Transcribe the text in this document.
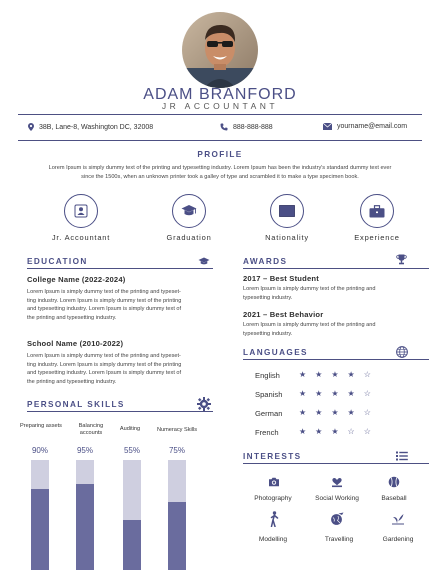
ADAM BRANFORD
JR ACCOUNTANT
38B, Lane-8, Washington DC, 32008	888-888-888	yourname@email.com
PROFILE
Lorem Ipsum is simply dummy text of the printing and typesetting industry. Lorem Ipsum has been the industry's standard dummy text ever
since the 1500s, when an unknown printer took a galley of type and scrambled it to make a type specimen book.
Jr. Accountant	Graduation	Nationality	Experience
EDUCATION
College Name (2022-2024)
Lorem Ipsum is simply dummy text of the printing and typeset-
ting industry. Lorem Ipsum is simply dummy text of the printing
and typesetting industry. Lorem Ipsum is simply dummy text of
the printing and typesetting industry.
School Name (2010-2022)
Lorem Ipsum is simply dummy text of the printing and typeset-
ting industry. Lorem Ipsum is simply dummy text of the printing
and typesetting industry. Lorem Ipsum is simply dummy text of
the printing and typesetting industry.
PERSONAL SKILLS
Preparing assets	Balancing accounts
Auditing	Numeracy Skills
90%	95%	55%	75%
AWARDS
2017 – Best Student
Lorem Ipsum is simply dummy text of the printing and
typesetting industry.
2021 – Best Behavior
Lorem Ipsum is simply dummy text of the printing and
typesetting industry.
LANGUAGES
English ★ ★ ★ ★ ☆
Spanish ★ ★ ★ ★ ☆
German ★ ★ ★ ★ ☆
French	★ ★ ★ ☆ ☆
INTERESTS
Photography	Social Working	Baseball
Modelling	Travelling	Gardening
